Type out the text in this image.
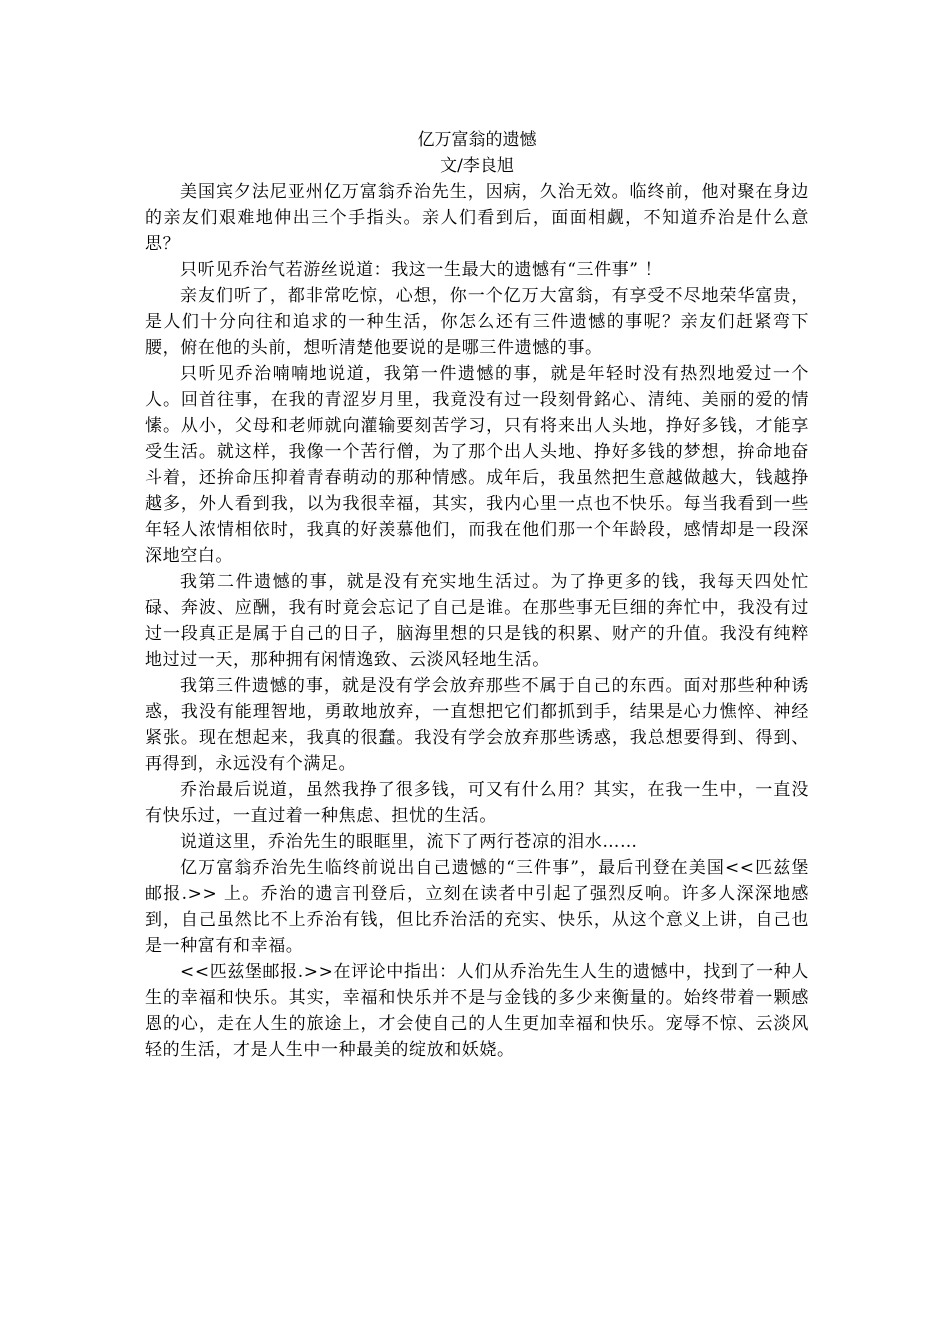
亿万富翁的遗憾
文/李良旭

美国宾夕法尼亚州亿万富翁乔治先生，因病，久治无效。临终前，他对聚在身边的亲友们艰难地伸出三个手指头。亲人们看到后，面面相觑，不知道乔治是什么意思？

只听见乔治气若游丝说道：我这一生最大的遗憾有“三件事” ！

亲友们听了，都非常吃惊，心想，你一个亿万大富翁，有享受不尽地荣华富贵，是人们十分向往和追求的一种生活，你怎么还有三件遗憾的事呢？亲友们赶紧弯下腰，俯在他的头前，想听清楚他要说的是哪三件遗憾的事。

只听见乔治喃喃地说道，我第一件遗憾的事，就是年轻时没有热烈地爱过一个人。回首往事，在我的青涩岁月里，我竟没有过一段刻骨銘心、清纯、美丽的爱的情愫。从小，父母和老师就向灌输要刻苦学习，只有将来出人头地，挣好多钱，才能享受生活。就这样，我像一个苦行僧，为了那个出人头地、挣好多钱的梦想，拚命地奋斗着，还拚命压抑着青春萌动的那种情感。成年后，我虽然把生意越做越大，钱越挣越多，外人看到我，以为我很幸福，其实，我内心里一点也不快乐。每当我看到一些年轻人浓情相依时，我真的好羡慕他们，而我在他们那一个年龄段，感情却是一段深深地空白。

我第二件遗憾的事，就是没有充实地生活过。为了挣更多的钱，我每天四处忙碌、奔波、应酬，我有时竟会忘记了自己是谁。在那些事无巨细的奔忙中，我没有过过一段真正是属于自己的日子，脑海里想的只是钱的积累、财产的升值。我没有纯粹地过过一天，那种拥有闲情逸致、云淡风轻地生活。

我第三件遗憾的事，就是没有学会放弃那些不属于自己的东西。面对那些种种诱惑，我没有能理智地，勇敢地放弃，一直想把它们都抓到手，结果是心力憔悴、神经紧张。现在想起来，我真的很蠢。我没有学会放弃那些诱惑，我总想要得到、得到、再得到，永远没有个满足。

乔治最后说道，虽然我挣了很多钱，可又有什么用？其实，在我一生中，一直没有快乐过，一直过着一种焦虑、担忧的生活。

说道这里，乔治先生的眼眶里，流下了两行苍凉的泪水……

亿万富翁乔治先生临终前说出自己遗憾的“三件事”，最后刊登在美国<<匹兹堡邮报.>> 上。乔治的遗言刊登后，立刻在读者中引起了强烈反响。许多人深深地感到，自己虽然比不上乔治有钱，但比乔治活的充实、快乐，从这个意义上讲，自己也是一种富有和幸福。

<<匹兹堡邮报.>>在评论中指出：人们从乔治先生人生的遗憾中，找到了一种人生的幸福和快乐。其实，幸福和快乐并不是与金钱的多少来衡量的。始终带着一颗感恩的心，走在人生的旅途上，才会使自己的人生更加幸福和快乐。宠辱不惊、云淡风轻的生活，才是人生中一种最美的绽放和妖娆。
